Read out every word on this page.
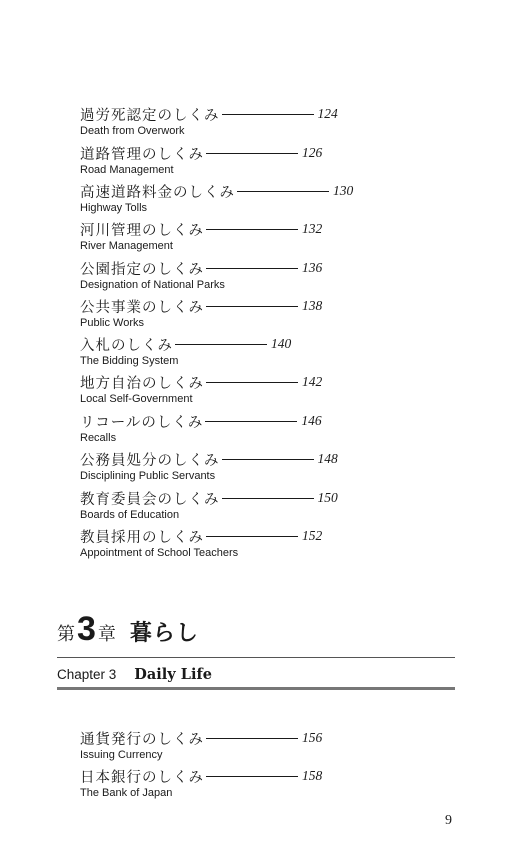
過労死認定のしくみ	124
Death from Overwork
道路管理のしくみ	126
Road Management
高速道路料金のしくみ	130
Highway Tolls
河川管理のしくみ	132
River Management
公園指定のしくみ	136
Designation of National Parks
公共事業のしくみ	138
Public Works
入札のしくみ	140
The Bidding System
地方自治のしくみ	142
Local Self-Government
リコールのしくみ	146
Recalls
公務員処分のしくみ	148
Disciplining Public Servants
教育委員会のしくみ	150
Boards of Education
教員採用のしくみ	152
Appointment of School Teachers
第 3 章 暮らし
Chapter 3 Daily Life
通貨発行のしくみ	156
Issuing Currency
日本銀行のしくみ	158
The Bank of Japan
9
